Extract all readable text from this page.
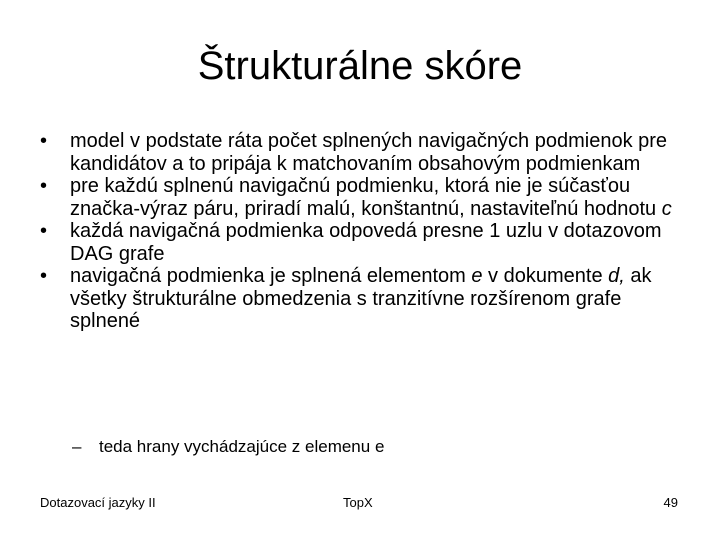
Štrukturálne skóre
•	model v podstate ráta počet splnených navigačných podmienok pre kandidátov a to pripája k matchovaním obsahovým podmienkam
•	pre každú splnenú navigačnú podmienku, ktorá nie je súčasťou značka-výraz páru, priradí malú, konštantnú, nastaviteľnú hodnotu c
•	každá navigačná podmienka odpovedá presne 1 uzlu v dotazovom DAG grafe
•	navigačná podmienka je splnená elementom e v dokumente d, ak všetky štrukturálne obmedzenia s tranzitívne rozšírenom grafe splnené
– teda hrany vychádzajúce z elemenu e
Dotazovací jazyky II	TopX	49
